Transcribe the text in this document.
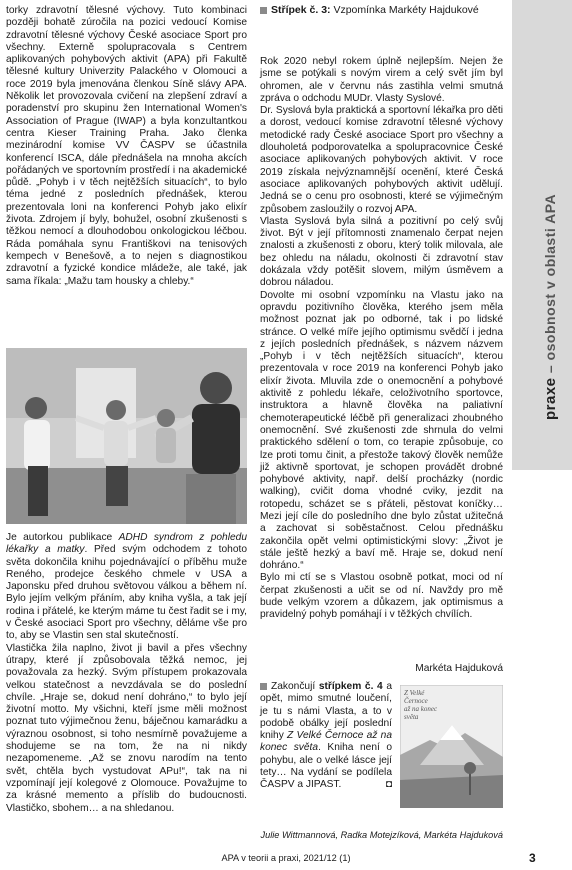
praxe – osobnost v oblasti APA

torky zdravotní tělesné výchovy. Tuto kombinaci později bohatě zúročila na pozici vedoucí Komise zdravotní tělesné výchovy České asociace Sport pro všechny. Externě spolupracovala s Centrem aplikovaných pohybových aktivit (APA) při Fakultě tělesné kultury Univerzity Palackého v Olomouci a roce 2019 byla jmenována členkou Síně slávy APA. Několik let provozovala cvičení na zlepšení zdraví a poradenství pro skupinu žen International Women's Association of Prague (IWAP) a byla konzultantkou centra Kieser Training Praha. Jako členka mezinárodní komise VV ČASPV se účastnila konferencí ISCA, dále přednášela na mnoha akcích pořádaných ve sportovním prostředí i na akademické půdě. „Pohyb i v těch nejtěžších situacích“, to bylo téma jedné z posledních přednášek, kterou prezentovala loni na konferenci Pohyb jako elixír života. Zdrojem jí byly, bohužel, osobní zkušenosti s těžkou nemocí a dlouhodobou onkologickou léčbou. Ráda pomáhala synu Františkovi na tenisových kempech v Benešově, a to nejen s diagnostikou zdravotní a fyzické kondice mládeže, ale také, jak sama říkala: „Mažu tam housky a chleby.“

Je autorkou publikace ADHD syndrom z pohledu lékařky a matky. Před svým odchodem z tohoto světa dokončila knihu pojednávající o příběhu muže Reného, prodejce českého chmele v USA a Japonsku před druhou světovou válkou a během ní. Bylo jejím velkým přáním, aby kniha vyšla, a tak její rodina i přátelé, ke kterým máme tu čest řadit se i my, v České asociaci Sport pro všechny, děláme vše pro to, aby se Vlastin sen stal skutečností.

Vlastička žila naplno, život ji bavil a přes všechny útrapy, které jí způsobovala těžká nemoc, jej považovala za hezký. Svým přístupem prokazovala velkou statečnost a nevzdávala se do poslední chvíle. „Hraje se, dokud není dohráno,“ to bylo její životní motto. My všichni, kteří jsme měli možnost poznat tuto výjimečnou ženu, báječnou kamarádku a výraznou osobnost, si toho nesmírně považujeme a shodujeme se na tom, že na ni nikdy nezapomeneme. „Až se znovu narodím na tento svět, chtěla bych vystudovat APu!“, tak na ni vzpomínají její kolegové z Olomouce. Považujme to za krásné memento a příslib do budoucnosti. Vlastičko, sbohem… a na shledanou.

Střípek č. 3: Vzpomínka Markéty Hajdukové

Rok 2020 nebyl rokem úplně nejlepším. Nejen že jsme se potýkali s novým virem a celý svět jím byl ohromen, ale v červnu nás zastihla velmi smutná zpráva o odchodu MUDr. Vlasty Syslové.

Dr. Syslová byla praktická a sportovní lékařka pro děti a dorost, vedoucí komise zdravotní tělesné výchovy metodické rady České asociace Sport pro všechny a dlouholetá podporovatelka a spolupracovnice České asociace aplikovaných pohybových aktivit. V roce 2019 získala nejvýznamnější ocenění, které Česká asociace aplikovaných pohybových aktivit udělují. Jedná se o cenu pro osobnosti, které se výjimečným způsobem zasloužily o rozvoj APA.

Vlasta Syslová byla silná a pozitivní po celý svůj život. Být v její přítomnosti znamenalo čerpat nejen znalosti a zkušenosti z oboru, který tolik milovala, ale bez ohledu na náladu, okolnosti či zdravotní stav dokázala vždy potěšit slovem, milým úsměvem a dobrou náladou.

Dovolte mi osobní vzpomínku na Vlastu jako na opravdu pozitivního člověka, kterého jsem měla možnost poznat jak po odborné, tak i po lidské stránce. O velké míře jejího optimismu svědčí i jedna z jejích posledních přednášek, s názvem názvem „Pohyb i v těch nejtěžších situacích“, kterou prezentovala v roce 2019 na konferenci Pohyb jako elixír života. Mluvila zde o onemocnění a pohybové aktivitě z pohledu lékaře, celoživotního sportovce, instruktora a hlavně člověka na paliativní chemoterapeutické léčbě při generalizaci zhoubného onemocnění. Své zkušenosti zde shrnula do velmi praktického sdělení o tom, co terapie způsobuje, co lze proti tomu činit, a přestože takový člověk nemůže již aktivně sportovat, je schopen provádět drobné pohybové aktivity, např. delší procházky (nordic walking), cvičit doma vhodné cviky, jezdit na rotopedu, scházet se s přáteli, pěstovat koníčky… Mezi její cíle do posledního dne bylo zůstat užitečná a zachovat si soběstačnost. Celou přednášku zakončila opět velmi optimistickými slovy: „Život je stále ještě hezký a baví mě. Hraje se, dokud není dohráno.“

Bylo mi ctí se s Vlastou osobně potkat, moci od ní čerpat zkušenosti a učit se od ní. Navždy pro mě bude velkým vzorem a důkazem, jak optimismus a pravidelný pohyb pomáhají i v těžkých chvílích.

Markéta Hajduková
Zakončují střípkem č. 4 a opět, mimo smutné loučení, je tu s námi Vlasta, a to v podobě obálky její poslední knihy Z Velké Černoce až na konec světa. Kniha není o pohybu, ale o velké lásce její tety… Na vydání se podílela ČASPV a JIPAST.	◘
Z Velké
Černoce
až na konec
světa
Julie Wittmannová, Radka Motejzíková, Markéta Hajduková
APA v teorii a praxi, 2021/12 (1)	3
